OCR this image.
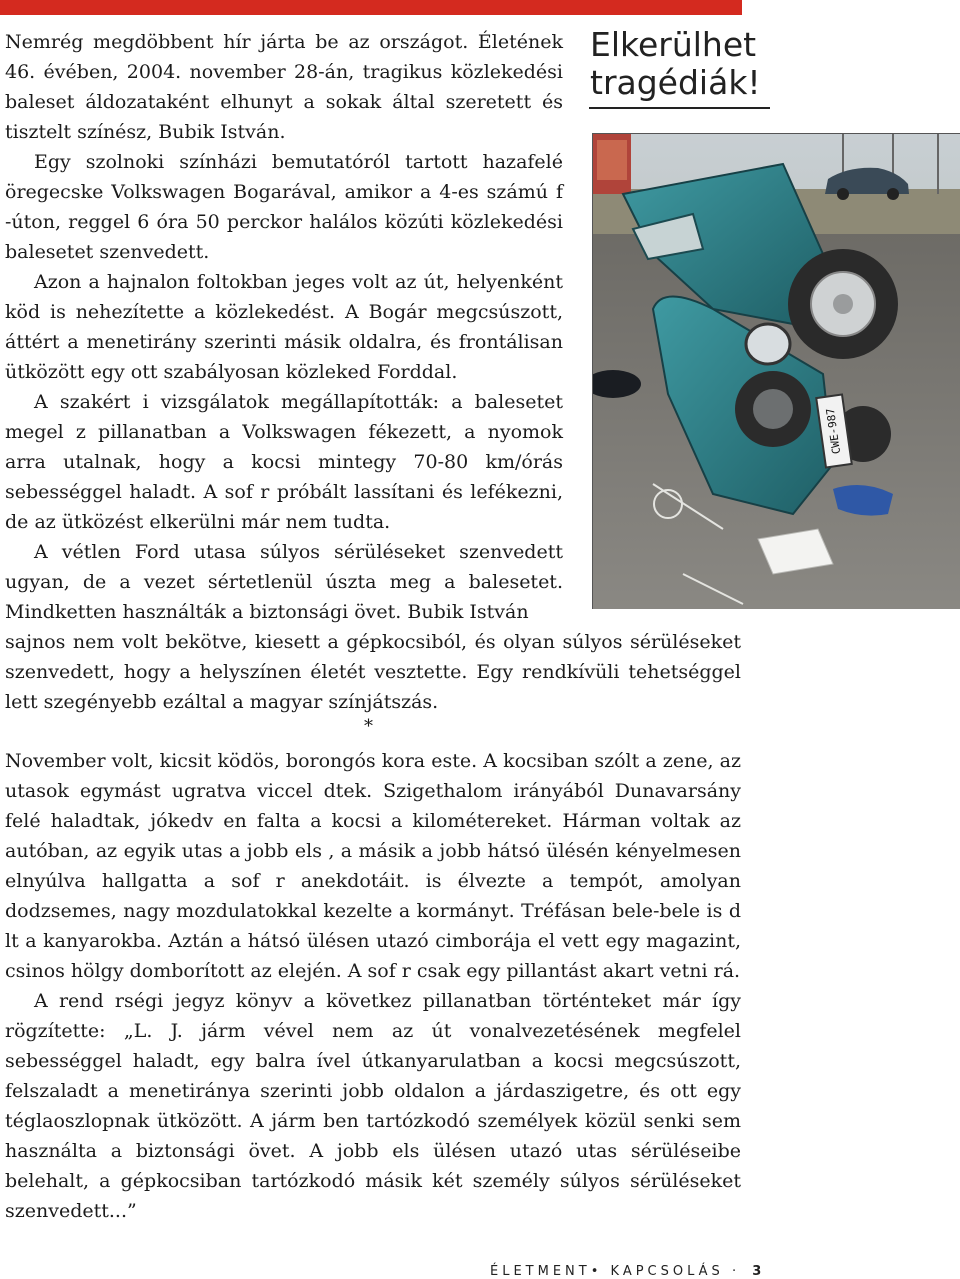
Elkerülhet
tragédiák!
CWE-987

Nemrég megdöbbent hír járta be az országot. Életének 46. évében, 2004. november 28-án, tragikus közlekedési baleset áldozataként elhunyt a sokak által szeretett és tisztelt színész, Bubik István.

Egy szolnoki színházi bemutatóról tartott hazafelé öregecske Volkswagen Bogarával, amikor a 4-es számú f -úton, reggel 6 óra 50 perckor halálos közúti közlekedési balesetet szenvedett.

Azon a hajnalon foltokban jeges volt az út, helyenként köd is nehezítette a közlekedést. A Bogár megcsúszott, áttért a menetirány szerinti másik oldalra, és frontálisan ütközött egy ott szabályosan közleked Forddal.

A szakért i vizsgálatok megállapították: a balesetet megel z pillanatban a Volkswagen fékezett, a nyomok arra utalnak, hogy a kocsi mintegy 70-80 km/órás sebességgel haladt. A sof r próbált lassítani és lefékezni, de az ütközést elkerülni már nem tudta.

A vétlen Ford utasa súlyos sérüléseket szenvedett ugyan, de a vezet sértetlenül úszta meg a balesetet. Mindketten használták a biztonsági övet. Bubik István

sajnos nem volt bekötve, kiesett a gépkocsiból, és olyan súlyos sérüléseket szenvedett, hogy a helyszínen életét vesztette. Egy rendkívüli tehetséggel lett szegényebb ezáltal a magyar színjátszás.

*

November volt, kicsit ködös, borongós kora este. A kocsiban szólt a zene, az utasok egymást ugratva viccel dtek. Szigethalom irányából Dunavarsány felé haladtak, jókedv en falta a kocsi a kilométereket. Hárman voltak az autóban, az egyik utas a jobb els , a másik a jobb hátsó ülésén kényelmesen elnyúlva hallgatta a sof r anekdotáit. is élvezte a tempót, amolyan dodzsemes, nagy mozdulatokkal kezelte a kormányt. Tréfásan bele-bele is d lt a kanyarokba. Aztán a hátsó ülésen utazó cimborája el vett egy magazint, csinos hölgy domborított az elején. A sof r csak egy pillantást akart vetni rá.

A rend rségi jegyz könyv a következ pillanatban történteket már így rögzítette: „L. J. járm vével nem az út vonalvezetésének megfelel sebességgel haladt, egy balra ível útkanyarulatban a kocsi megcsúszott, felszaladt a menetiránya szerinti jobb oldalon a járdaszigetre, és ott egy téglaoszlopnak ütközött. A járm ben tartózkodó személyek közül senki sem használta a biztonsági övet. A jobb els ülésen utazó utas sérüléseibe belehalt, a gépkocsiban tartózkodó másik két személy súlyos sérüléseket szenvedett...”

ÉLETMENT• KAPCSOLÁS · 3
